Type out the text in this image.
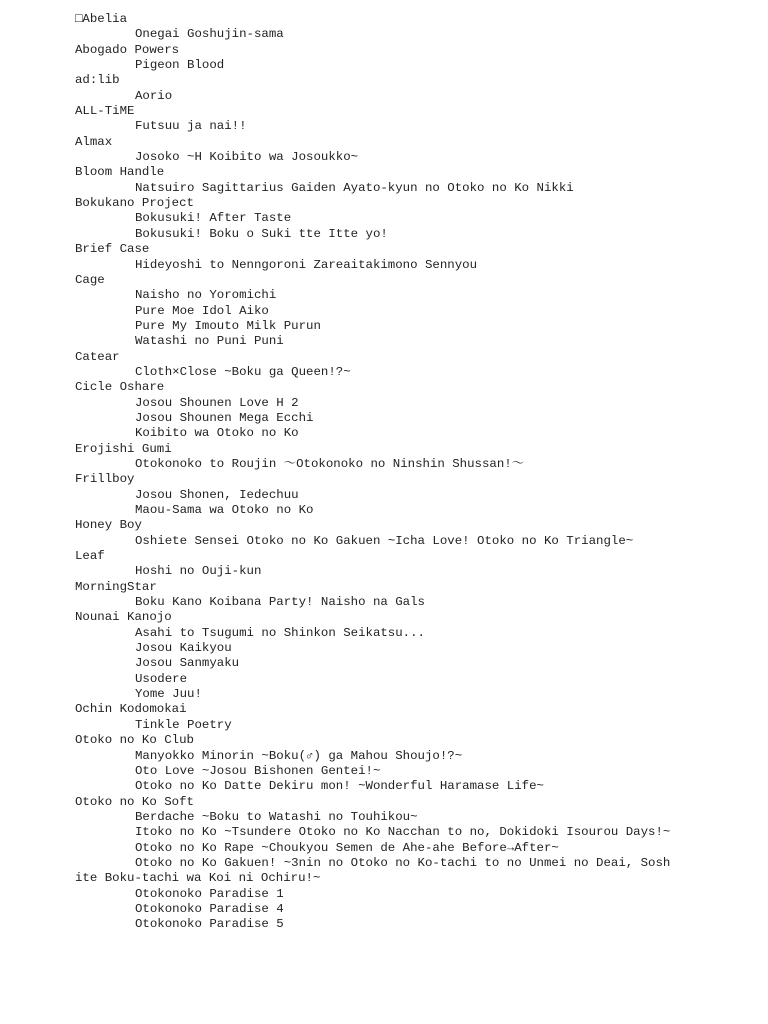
□Abelia
Onegai Goshujin-sama
Abogado Powers
Pigeon Blood
ad:lib
Aorio
ALL-TiME
Futsuu ja nai!!
Almax
Josoko ~H Koibito wa Josoukko~
Bloom Handle
Natsuiro Sagittarius Gaiden Ayato-kyun no Otoko no Ko Nikki
Bokukano Project
Bokusuki! After Taste
Bokusuki! Boku o Suki tte Itte yo!
Brief Case
Hideyoshi to Nenngoroni Zareaitakimono Sennyou
Cage
Naisho no Yoromichi
Pure Moe Idol Aiko
Pure My Imouto Milk Purun
Watashi no Puni Puni
Catear
Cloth×Close ~Boku ga Queen!?~
Cicle Oshare
Josou Shounen Love H 2
Josou Shounen Mega Ecchi
Koibito wa Otoko no Ko
Erojishi Gumi
Otokonoko to Roujin 〜Otokonoko no Ninshin Shussan!〜
Frillboy
Josou Shonen, Iedechuu
Maou-Sama wa Otoko no Ko
Honey Boy
Oshiete Sensei Otoko no Ko Gakuen ~Icha Love! Otoko no Ko Triangle~
Leaf
Hoshi no Ouji-kun
MorningStar
Boku Kano Koibana Party! Naisho na Gals
Nounai Kanojo
Asahi to Tsugumi no Shinkon Seikatsu...
Josou Kaikyou
Josou Sanmyaku
Usodere
Yome Juu!
Ochin Kodomokai
Tinkle Poetry
Otoko no Ko Club
Manyokko Minorin ~Boku(♂) ga Mahou Shoujo!?~
Oto Love ~Josou Bishonen Gentei!~
Otoko no Ko Datte Dekiru mon! ~Wonderful Haramase Life~
Otoko no Ko Soft
Berdache ~Boku to Watashi no Touhikou~
Itoko no Ko ~Tsundere Otoko no Ko Nacchan to no, Dokidoki Isourou Days!~
Otoko no Ko Rape ~Choukyou Semen de Ahe-ahe Before→After~
Otoko no Ko Gakuen! ~3nin no Otoko no Ko-tachi to no Unmei no Deai, Soshite Boku-tachi wa Koi ni Ochiru!~
Otokonoko Paradise 1
Otokonoko Paradise 4
Otokonoko Paradise 5
